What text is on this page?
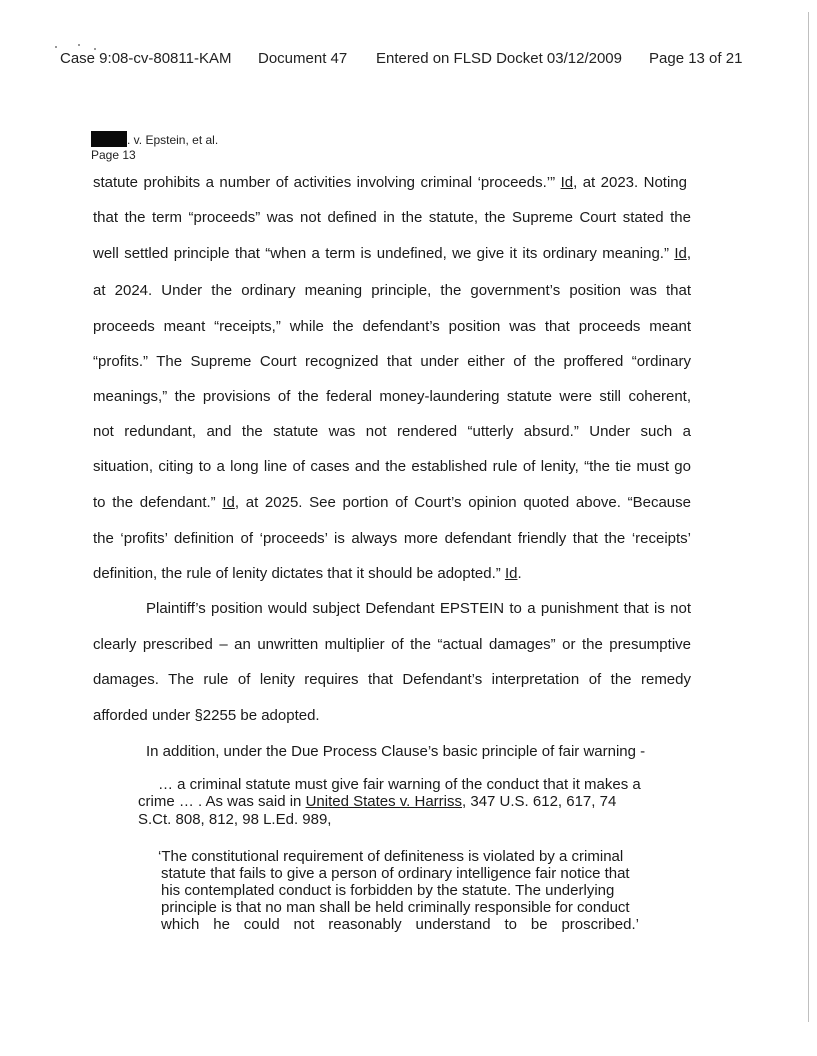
Case 9:08-cv-80811-KAM Document 47 Entered on FLSD Docket 03/12/2009 Page 13 of 21
. v. Epstein, et al.
Page 13
statute prohibits a number of activities involving criminal ‘proceeds.’” Id, at 2023. Noting
that the term “proceeds” was not defined in the statute, the Supreme Court stated the
well settled principle that “when a term is undefined, we give it its ordinary meaning.” Id,
at 2024. Under the ordinary meaning principle, the government’s position was that
proceeds meant “receipts,” while the defendant’s position was that proceeds meant
“profits.” The Supreme Court recognized that under either of the proffered “ordinary
meanings,” the provisions of the federal money-laundering statute were still coherent,
not redundant, and the statute was not rendered “utterly absurd.” Under such a
situation, citing to a long line of cases and the established rule of lenity, “the tie must go
to the defendant.” Id, at 2025. See portion of Court’s opinion quoted above. “Because
the ‘profits’ definition of ‘proceeds’ is always more defendant friendly that the ‘receipts’
definition, the rule of lenity dictates that it should be adopted.” Id.
Plaintiff’s position would subject Defendant EPSTEIN to a punishment that is not
clearly prescribed – an unwritten multiplier of the “actual damages” or the presumptive
damages. The rule of lenity requires that Defendant’s interpretation of the remedy
afforded under §2255 be adopted.
In addition, under the Due Process Clause’s basic principle of fair warning -
… a criminal statute must give fair warning of the conduct that it makes a
crime … . As was said in United States v. Harriss, 347 U.S. 612, 617, 74
S.Ct. 808, 812, 98 L.Ed. 989,
‘The constitutional requirement of definiteness is violated by a criminal
statute that fails to give a person of ordinary intelligence fair notice that
his contemplated conduct is forbidden by the statute. The underlying
principle is that no man shall be held criminally responsible for conduct
which he could not reasonably understand to be proscribed.’
